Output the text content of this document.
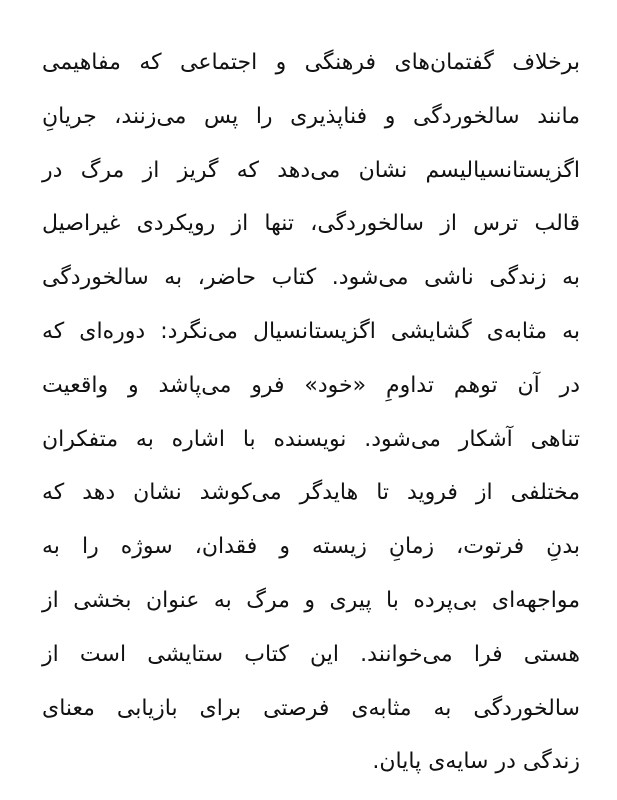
برخلاف گفتمان‌های فرهنگی و اجتماعی که مفاهیمی
مانند سالخوردگی و فناپذیری را پس می‌زنند، جریانِ
اگزیستانسیالیسم نشان می‌دهد که گریز از مرگ در
قالب ترس از سالخوردگی، تنها از رویکردی غیراصیل
به زندگی ناشی می‌شود. کتاب حاضر، به سالخوردگی
به مثابه‌ی گشایشی اگزیستانسیال می‌نگرد: دوره‌ای که
در آن توهم تداومِ «خود» فرو می‌پاشد و واقعیت
تناهی آشکار می‌شود. نویسنده با اشاره به متفکران
مختلفی از فروید تا هایدگر می‌کوشد نشان دهد که
بدنِ فرتوت، زمانِ زیسته و فقدان، سوژه را به
مواجهه‌ای بی‌پرده با پیری و مرگ به عنوان بخشی از
هستی فرا می‌خوانند. این کتاب ستایشی است از
سالخوردگی به مثابه‌ی فرصتی برای بازیابی معنای
زندگی در سایه‌ی پایان.
